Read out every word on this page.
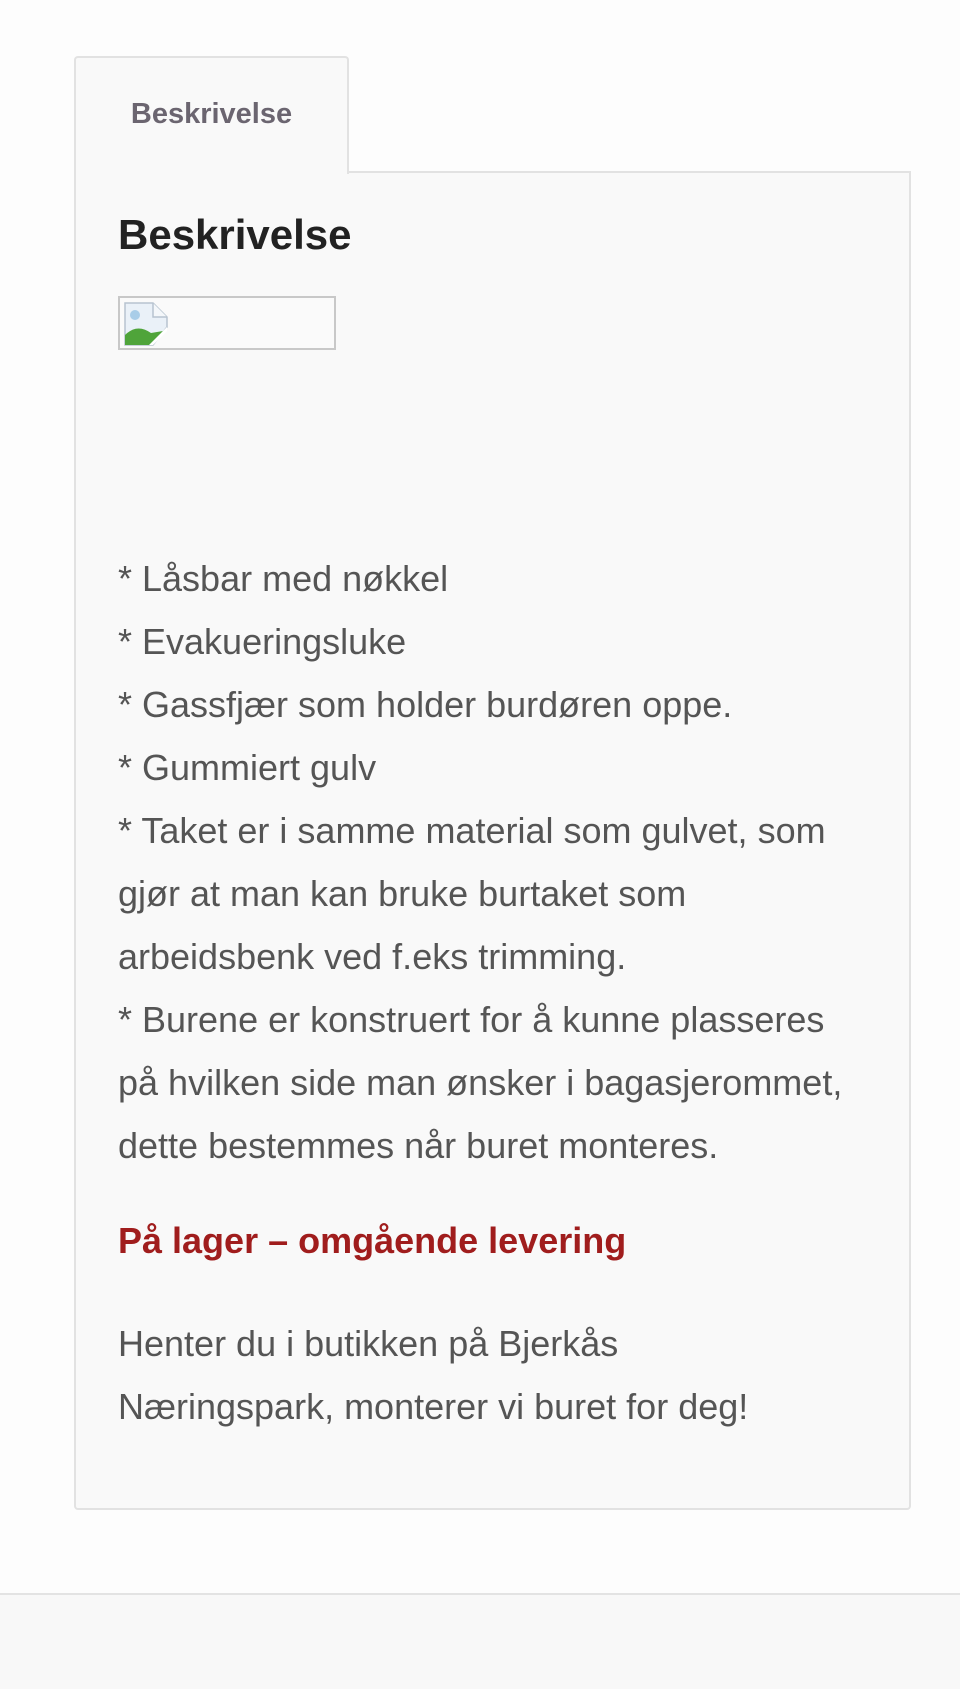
Beskrivelse
Beskrivelse
* Låsbar med nøkkel
* Evakueringsluke
* Gassfjær som holder burdøren oppe.
* Gummiert gulv
* Taket er i samme material som gulvet, som gjør at man kan bruke burtaket som arbeidsbenk ved f.eks trimming.
* Burene er konstruert for å kunne plasseres på hvilken side man ønsker i bagasjerommet, dette bestemmes når buret monteres.

På lager – omgående levering

Henter du i butikken på Bjerkås Næringspark, monterer vi buret for deg!
